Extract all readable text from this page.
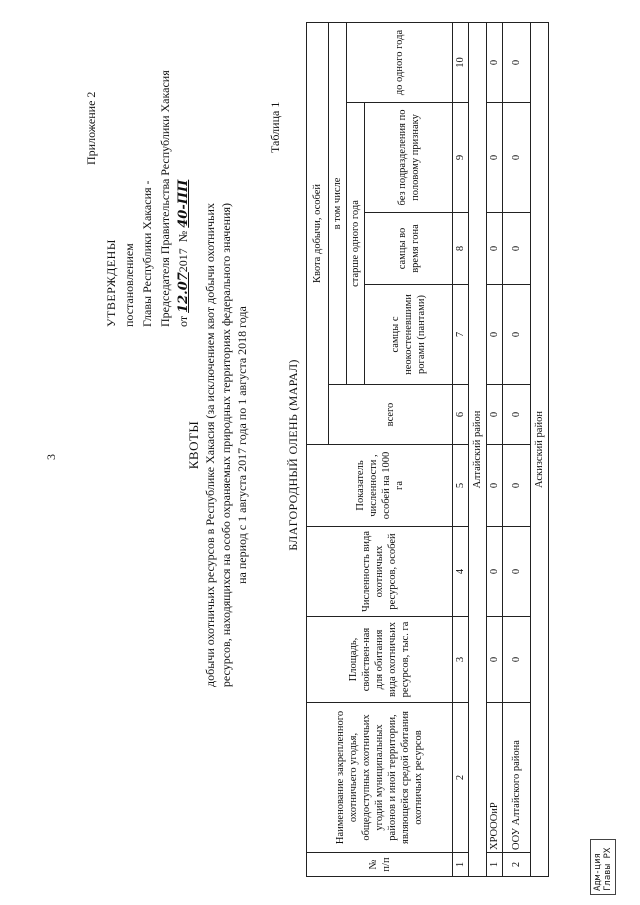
3
Приложение 2
УТВЕРЖДЕНЫ постановлением Главы Республики Хакасия - Председателя Правительства Республики Хакасия от 12.072017  № 40-ПП
КВОТЫ добычи охотничьих ресурсов в Республике Хакасия (за исключением квот добычи охотничьих ресурсов, находящихся на особо охраняемых природных территориях федерального значения) на период с 1 августа 2017 года по 1 августа 2018 года
Таблица 1
БЛАГОРОДНЫЙ ОЛЕНЬ (МАРАЛ)
№ п/п	Наименование закрепленного охотничьего угодья, общедоступных охотничьих угодий муниципальных районов и иной территории, являющейся средой обитания охотничьих ресурсов	Площадь, свойствен-ная для обитания вида охотничьих ресурсов, тыс. га	Численность вида охотничьих ресурсов, особей	Показатель численности , особей на 1000 га	Квота добычи, особей				
					всего	в том числе			
						старше одного года			до одного года
						самцы с неокостеневшими рогами (пантами)	самцы во время гона	без подразделения по половому признаку	
1	2	3	4	5	6	7	8	9	10
Алтайский район									
1	ХРОООиР	0	0	0	0	0	0	0	0
2	ООУ Алтайского района	0	0	0	0	0	0	0	0
Аскизский район									
Адм-ция Главы РХ
